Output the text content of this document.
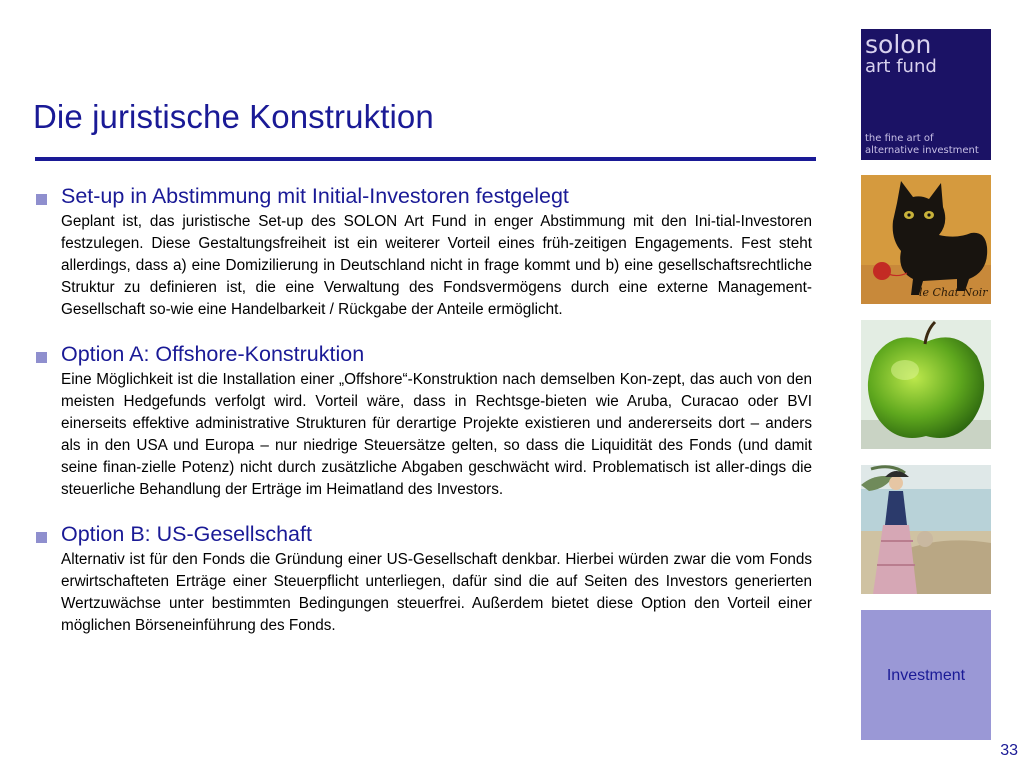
Die juristische Konstruktion
Set-up in Abstimmung mit Initial-Investoren festgelegt
Geplant ist, das juristische Set-up des SOLON Art Fund in enger Abstimmung mit den Ini-tial-Investoren festzulegen. Diese Gestaltungsfreiheit ist ein weiterer Vorteil eines früh-zeitigen Engagements. Fest steht allerdings, dass a) eine Domizilierung in Deutschland nicht in frage kommt und b) eine gesellschaftsrechtliche Struktur zu definieren ist, die eine Verwaltung des Fondsvermögens durch eine externe Management-Gesellschaft so-wie eine Handelbarkeit / Rückgabe der Anteile ermöglicht.
Option A: Offshore-Konstruktion
Eine Möglichkeit ist die Installation einer „Offshore“-Konstruktion nach demselben Kon-zept, das auch von den meisten Hedgefunds verfolgt wird. Vorteil wäre, dass in Rechtsge-bieten wie Aruba, Curacao oder BVI einerseits effektive administrative Strukturen für derartige Projekte existieren und andererseits dort – anders als in den USA und Europa – nur niedrige Steuersätze gelten, so dass die Liquidität des Fonds (und damit seine finan-zielle Potenz) nicht durch zusätzliche Abgaben geschwächt wird. Problematisch ist aller-dings die steuerliche Behandlung der Erträge im Heimatland des Investors.
Option B: US-Gesellschaft
Alternativ ist für den Fonds die Gründung einer US-Gesellschaft denkbar. Hierbei würden zwar die vom Fonds erwirtschafteten Erträge einer Steuerpflicht unterliegen, dafür sind die auf Seiten des Investors generierten Wertzuwächse unter bestimmten Bedingungen steuerfrei. Außerdem bietet diese Option den Vorteil einer möglichen Börseneinführung des Fonds.
solon
art fund
the fine art of
alternative investment
le Chat Noir
Investment
33
